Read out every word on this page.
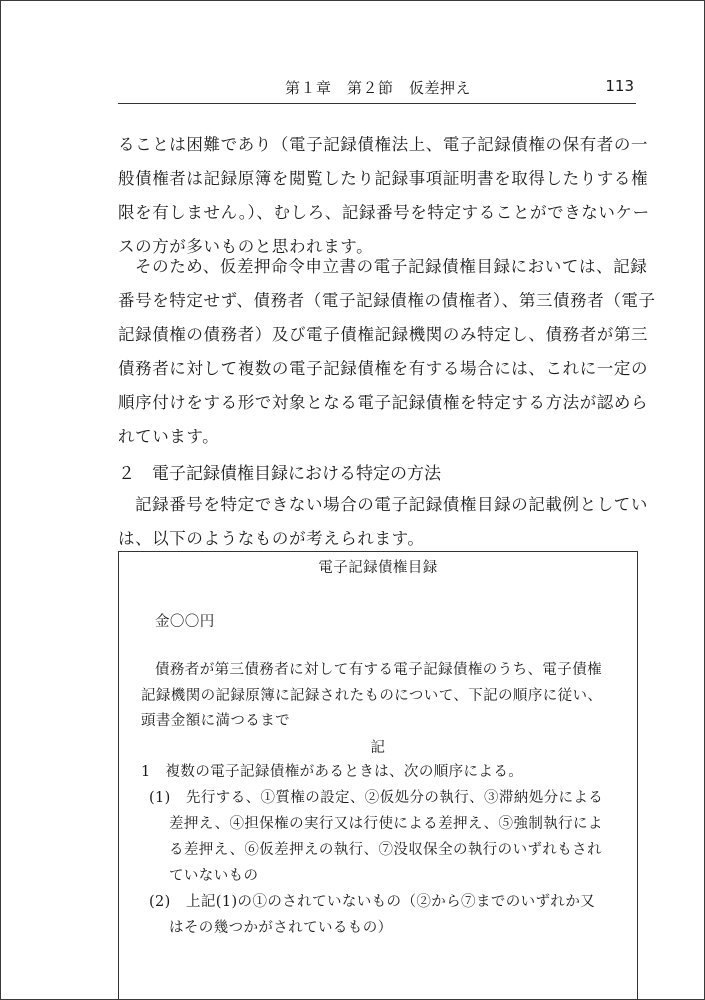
第１章　第２節　仮差押え	113

ることは困難であり（電子記録債権法上、電子記録債権の保有者の一
般債権者は記録原簿を閲覧したり記録事項証明書を取得したりする権
限を有しません。）、むしろ、記録番号を特定することができないケー
スの方が多いものと思われます。

そのため、仮差押命令申立書の電子記録債権目録においては、記録
番号を特定せず、債務者（電子記録債権の債権者）、第三債務者（電子
記録債権の債務者）及び電子債権記録機関のみ特定し、債務者が第三
債務者に対して複数の電子記録債権を有する場合には、これに一定の
順序付けをする形で対象となる電子記録債権を特定する方法が認めら
れています。

２ 電子記録債権目録における特定の方法

記録番号を特定できない場合の電子記録債権目録の記載例としてい
は、以下のようなものが考えられます。

電子記録債権目録
金〇〇円
債務者が第三債務者に対して有する電子記録債権のうち、電子債権
記録機関の記録原簿に記録されたものについて、下記の順序に従い、
頭書金額に満つるまで
記
1　複数の電子記録債権があるときは、次の順序による。
(1) 先行する、①質権の設定、②仮処分の執行、③滞納処分による
差押え、④担保権の実行又は行使による差押え、⑤強制執行によ
る差押え、⑥仮差押えの執行、⑦没収保全の執行のいずれもされ
ていないもの
(2) 上記(1)の①のされていないもの（②から⑦までのいずれか又
はその幾つかがされているもの）
